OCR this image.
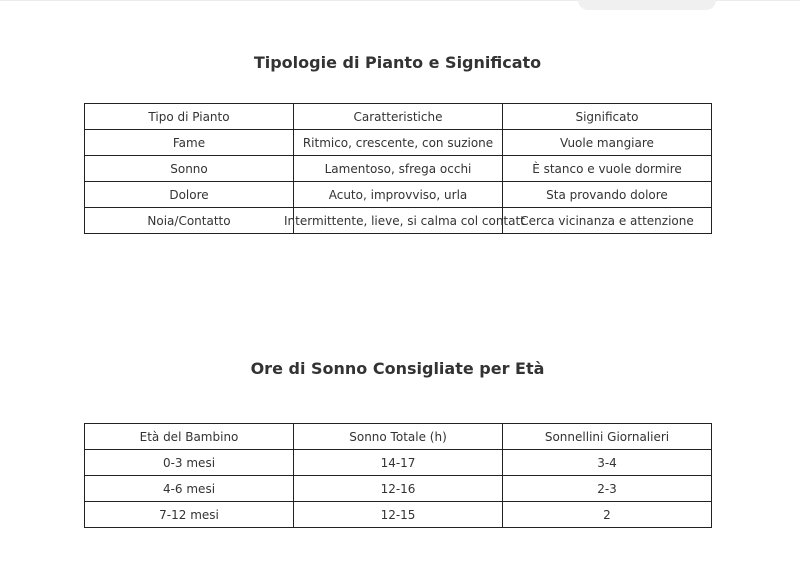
Tipologie di Pianto e Significato
Tipo di Pianto	Caratteristiche	Significato
Fame	Ritmico, crescente, con suzione	Vuole mangiare
Sonno	Lamentoso, sfrega occhi	È stanco e vuole dormire
Dolore	Acuto, improvviso, urla	Sta provando dolore
Noia/Contatto	Intermittente, lieve, si calma col contatt	Cerca vicinanza e attenzione
Ore di Sonno Consigliate per Età
Età del Bambino	Sonno Totale (h)	Sonnellini Giornalieri
0-3 mesi	14-17	3-4
4-6 mesi	12-16	2-3
7-12 mesi	12-15	2
